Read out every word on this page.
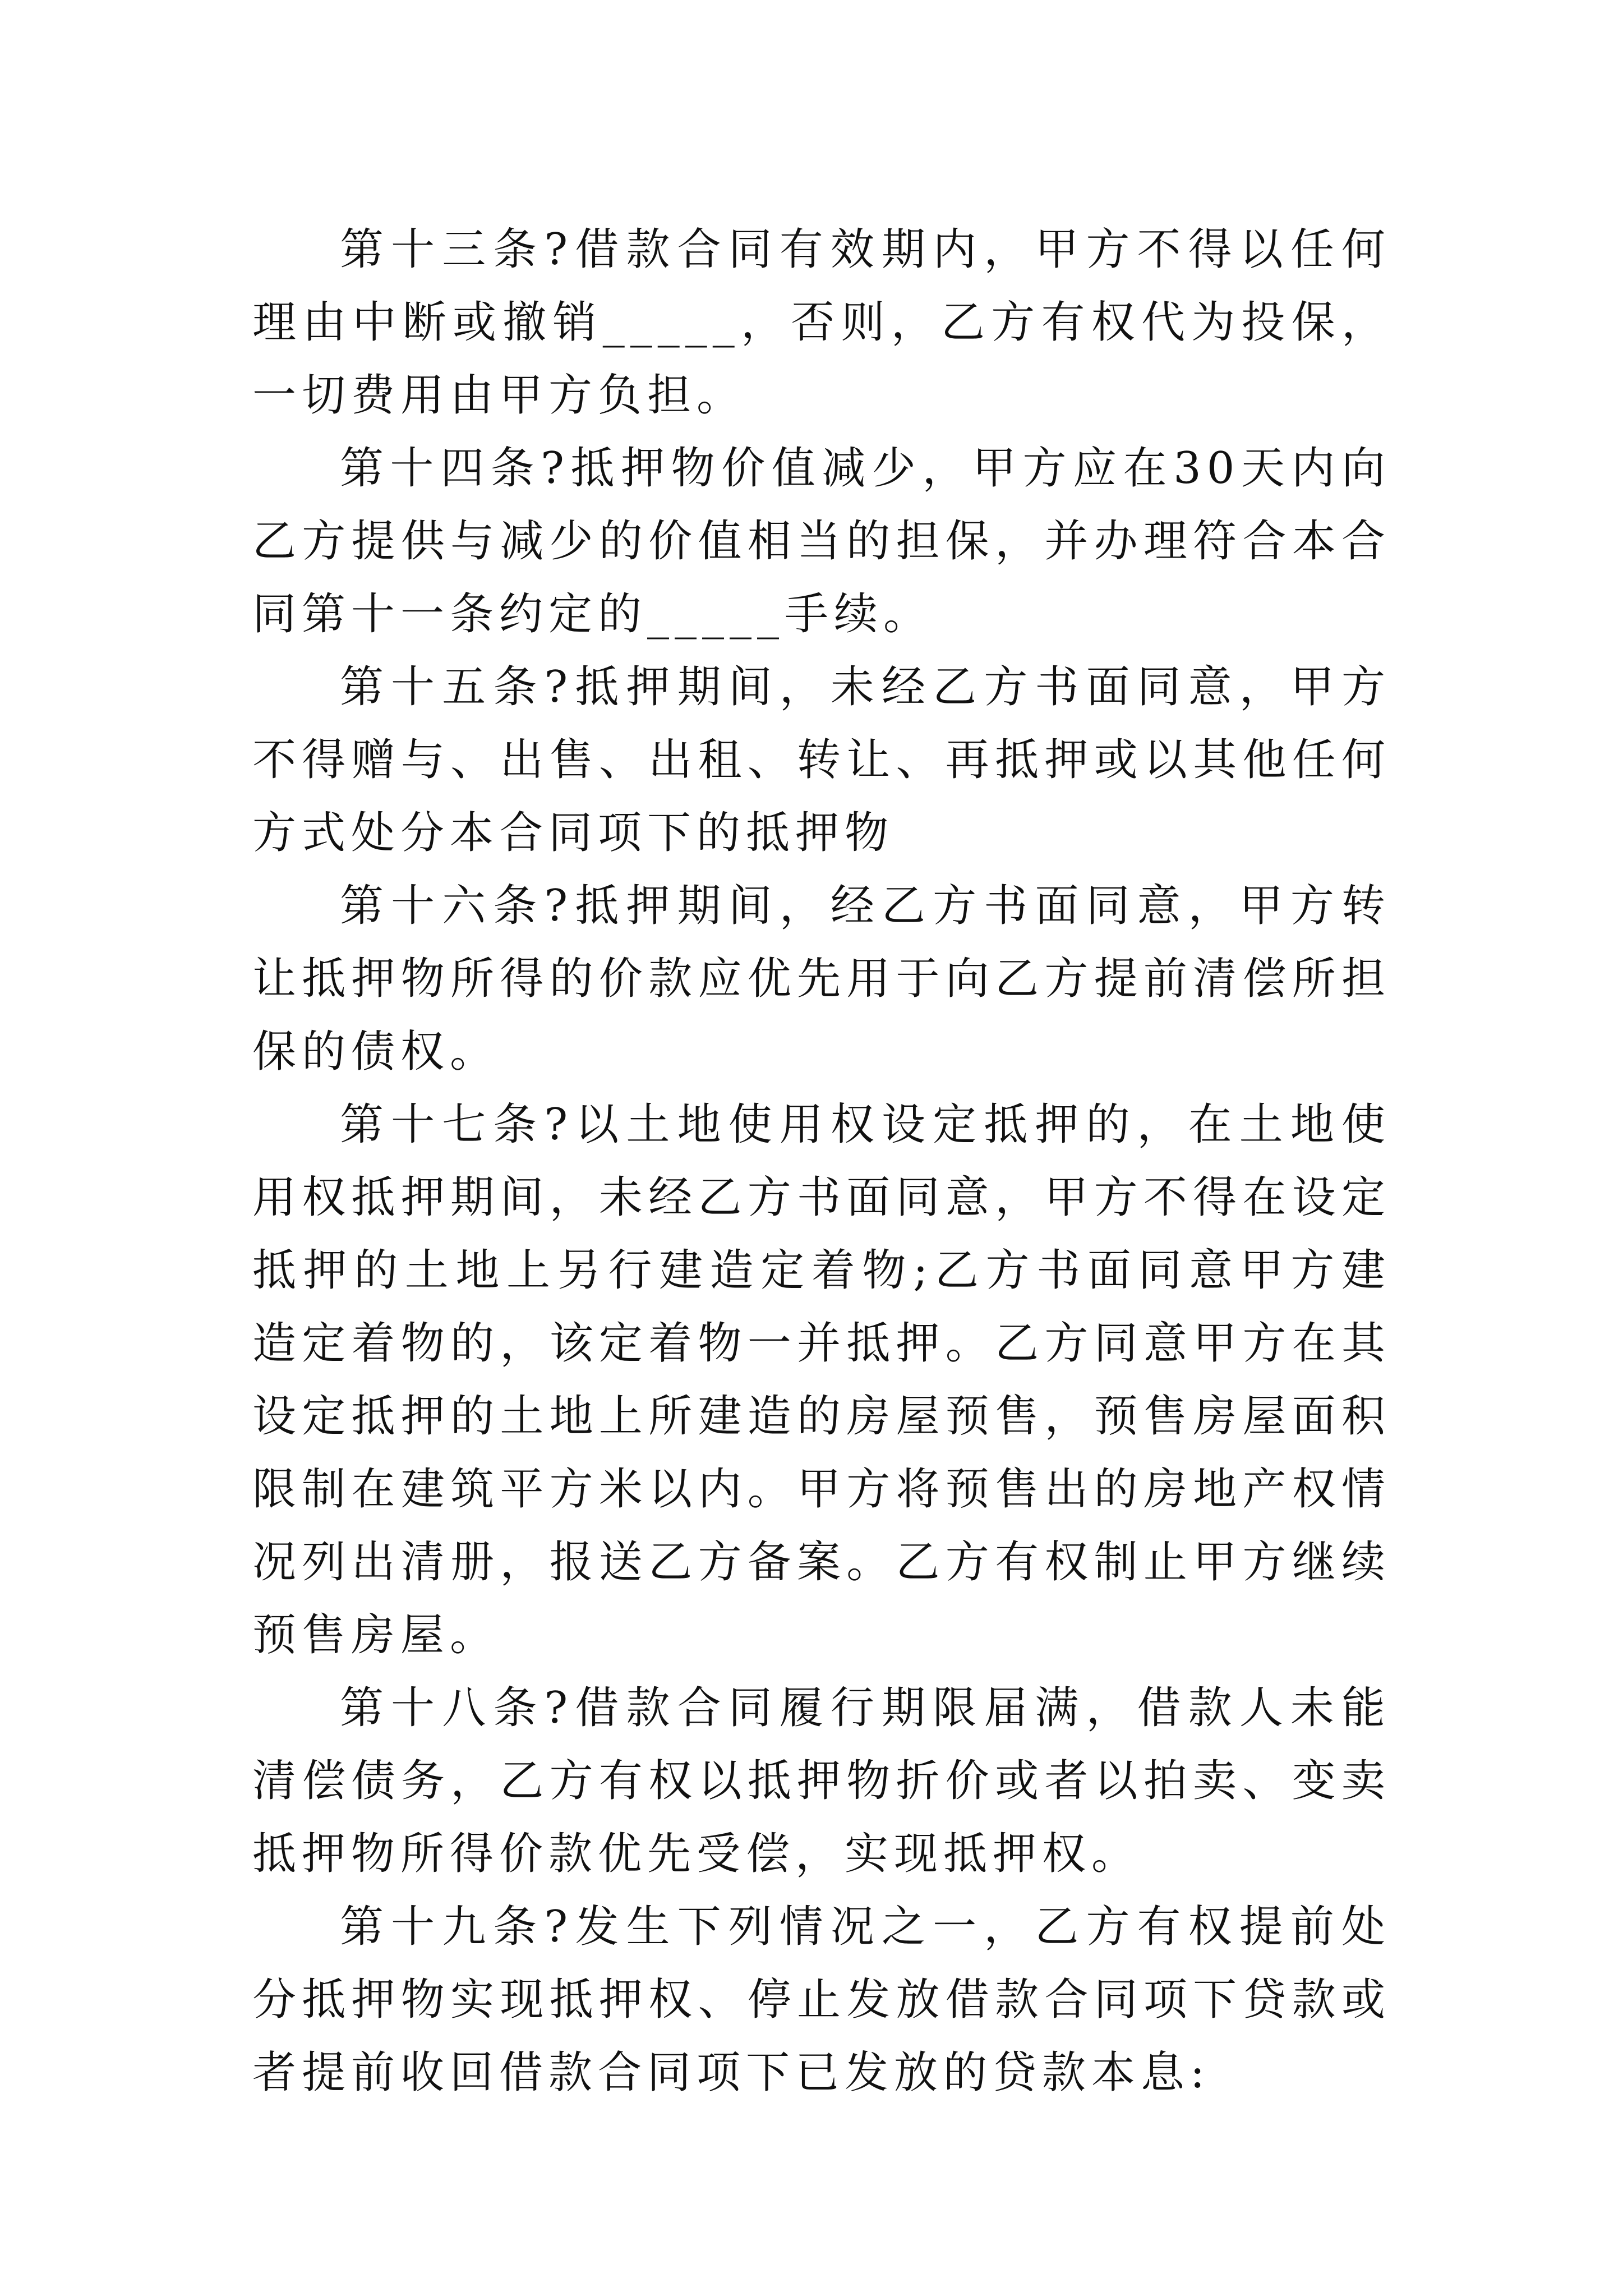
第十三条?借款合同有效期内，甲方不得以任何理由中断或撤销_____，否则，乙方有权代为投保，一切费用由甲方负担。

第十四条?抵押物价值减少，甲方应在30天内向乙方提供与减少的价值相当的担保，并办理符合本合同第十一条约定的_____手续。

第十五条?抵押期间，未经乙方书面同意，甲方不得赠与、出售、出租、转让、再抵押或以其他任何方式处分本合同项下的抵押物

第十六条?抵押期间，经乙方书面同意，甲方转让抵押物所得的价款应优先用于向乙方提前清偿所担保的债权。

第十七条?以土地使用权设定抵押的，在土地使用权抵押期间，未经乙方书面同意，甲方不得在设定抵押的土地上另行建造定着物;乙方书面同意甲方建造定着物的，该定着物一并抵押。乙方同意甲方在其设定抵押的土地上所建造的房屋预售，预售房屋面积限制在建筑平方米以内。甲方将预售出的房地产权情况列出清册，报送乙方备案。乙方有权制止甲方继续预售房屋。

第十八条?借款合同履行期限届满，借款人未能清偿债务，乙方有权以抵押物折价或者以拍卖、变卖抵押物所得价款优先受偿，实现抵押权。

第十九条?发生下列情况之一，乙方有权提前处分抵押物实现抵押权、停止发放借款合同项下贷款或者提前收回借款合同项下已发放的贷款本息:
